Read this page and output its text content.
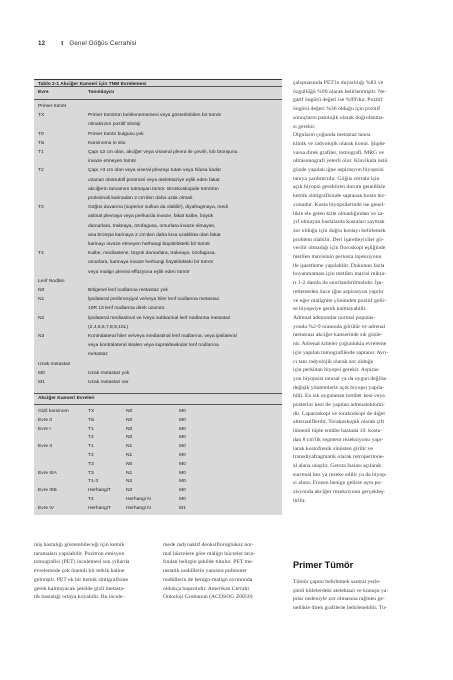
12	I Genel Göğüs Cerrahisi
Tablo 2-1 Akciğer Kanseri için TNM Evrelemesi
Evre	Tanımlayıcı
Primer tümör
TX	Primer tümörün belirlenememesi veya gösterilebilen bir tümör
olmaksızın pozitif sitoloji
T0	Primer tümör bulgusu yok
Tis	Karsinoma in situ
T1	Çapı ≤3 cm olan, akciğer veya visseral plevra ile çevrili, lob bronşunu
invaze etmeyen tümör
T2	Çapı >3 cm olan veya viseral plevrayı tutan veya hilusa kadar
uzanan obstruktif pnömoni veya atelektaziye eşlik eden fakat
akciğerin tamamını tutmayan tümör. Bronkoskopide tümörün
proksimali karinadan 2 cm'den daha uzak olmalı.
T3	Göğüs duvarına (superior sulkus da olabilir), diyafragmaya, medi
astinal plevraya veya perikarda invaze, fakat kalbe, büyük
damarlara, trakeaya, özofagusa, omurlara invaze olmayan,
ana bronşta karinaya 2 cm'den daha kısa uzaklıkta olan fakat
karinayı invaze etmeyen herhangi büyüklükteki bir tümör
T4	Kalbe, mediastene, büyük damarlara, trakeaya, özofagusa,
omurlara, karinaya invaze herhangi büyüklükteki bir tümör
veya malign plevral effüzyona eşlik eden tümör
Lenf Nodları
N0	Bölgesel lenf nodlarına metastaz yok
N1	İpsilateral peribronşiyal ve/veya hiler lenf nodlarına metastaz.
10R 13 lenf nodlarına direk uzanım.
N2	İpsilateral mediastinal ve /veya subkarinal lenf nodlarına metastaz
(2,4,5,6,7,8,9,10L)
N3	Kontralateral hiler ve/veya mediastinal lenf nodlarına, veya ipsilateral
veya kontralateral skalen veya supraklavikular lenf nodlarına
metastaz
Uzak metastaz
M0	Uzak metastaz yok
M1	Uzak metastaz var
Akciğer Kanseri Evreleri
Gizli karsinom	TX	N0	M0
Evre 0	Tis	N0	M0
Evre I	T1	N0	M0
T2	N0	M0
Evre II	T1	N1	M0
T2	N1	M0
T3	N0	M0
Evre IIIA	T3	N1	M0
T1-3	N2	M0
Evre IIIB	HerhangiT	N3	M0
T4	Herhangi N	M0
Evre IV	HerhangiT	Herhangi N	M1
miş hastalığı gösterebileceği için kemik
taramaları yapılabilir. Pozitron emisyon
tomografisi (PET) incelemesi son yıllarda
evrelemede çok önemli bir tetkik haline
gelmiştir. PET ek bir kemik sintigrafisine
gerek kalmayacak şekilde gizli metasta-
tik hastalığı ortaya koyabilir. Bu incele-
mede radyoaktif deoksifloroglukoz nor-
mal hücrelere göre malign hücreler tara-
fından belirgin şekilde tutulur. PET me-
tastatik nodüllerin yanısıra pulmoner
nodüllerin de benign-malign ayrımında
oldukça başarılıdır. Amerikan Cerrahi
Onkoloji Grubunun (ACOSOG Z0050)
çalışmasında PET'in duyarlılığı %83 ve
özgüllüğü %90 olarak belirlenmiştir. Ne-
gatif öngörü değeri ise %99'dur. Pozitif
öngörü değeri %36 olduğu için pozitif
sonuçların patolojik olarak doğrulanma-
sı gerekir.
Olguların çoğunda metastaz tanısı
klinik ve radyolojik olarak konur. Şüphe
varsa direk grafiler, tomografi, MRG ve
ultrasonografi yeterli olur. Klavikula üstü
gözde yapılan iğne aspirasyon biyopsisi
tanıya yardımcıdır. Göğüs cerrahı için
açık biyopsi gerektiren durum genellikle
kemik sintigrafisinde saptanan kosta lez-
yonudur. Kosta biyopsilerinde ise genel-
likle ele gelen kitle olmadığından ve za-
yıf olmayan hastalarda kostaları saymak
zor olduğu için doğru kostayı belirlemek
problem olabilir. Deri işaretleyiciler gö-
verilir olmadığı için floroskopi eşliğinde
metilen mavisinin periosta injeksiyonu
ile işaretleme yapılabilir. Dokunun fazla
boyanmaması için metilen mavisi mikta-
rı 1-2 damla ile sınırlandırılmalıdır. İşa-
retlemeden önce iğne aspirasyon yapılır
ve eğer malignite yönünden pozitif gelir-
se biyopsiye gerek kalmayabilir.
Adrenal adenomlar normal populas-
yonda %2-9 oranında görülür ve adrenal
metastazı akciğer kanserinde sık gözle-
nir. Adrenal kitleler çoğunlukla evreleme
için yapılan tomografilerde saptanır. Ayrı-
cı tanı radyolojik olarak zor olduğu
için perkütan biyopsi gerekir. Aspiras-
yon biyopsisi tanısal ya da uygun değilse
değişik yöntemlerle açık biyopsi yapıla-
bilir. En sık uygulanan lomber kesi veya
posterior kesi ile yapılan adrenalektomi-
dir. Laparoskopi ve torakoskopi de diğer
alternatiflerdir. Torakoskopik olarak çift
lümenli tüple entübe hastada 10. kosta-
dan 8 cm'lik segment rezeksiyonu yapı-
larak kostofrenik sinüsten girilir ve
transdiyafragmatik olarak retroperitone-
al alana ulaşılır. Gerota fasiası açılarak
surrenal bez ya rezeke edilir ya da biyop-
si alınır. Frozen benign gelirse aynı po-
zisyonda akciğer rezeksiyonu gerçekleş-
tirilir.
Primer Tümör
Tümör çapını belirlemek santral yerle-
şimli kitlelerdeki atelektazi ve konuşu ya-
pılar nedeniyle zor olmasına rağmen ge-
nellikle direk grafilerle belirlenebilir. Tü-
